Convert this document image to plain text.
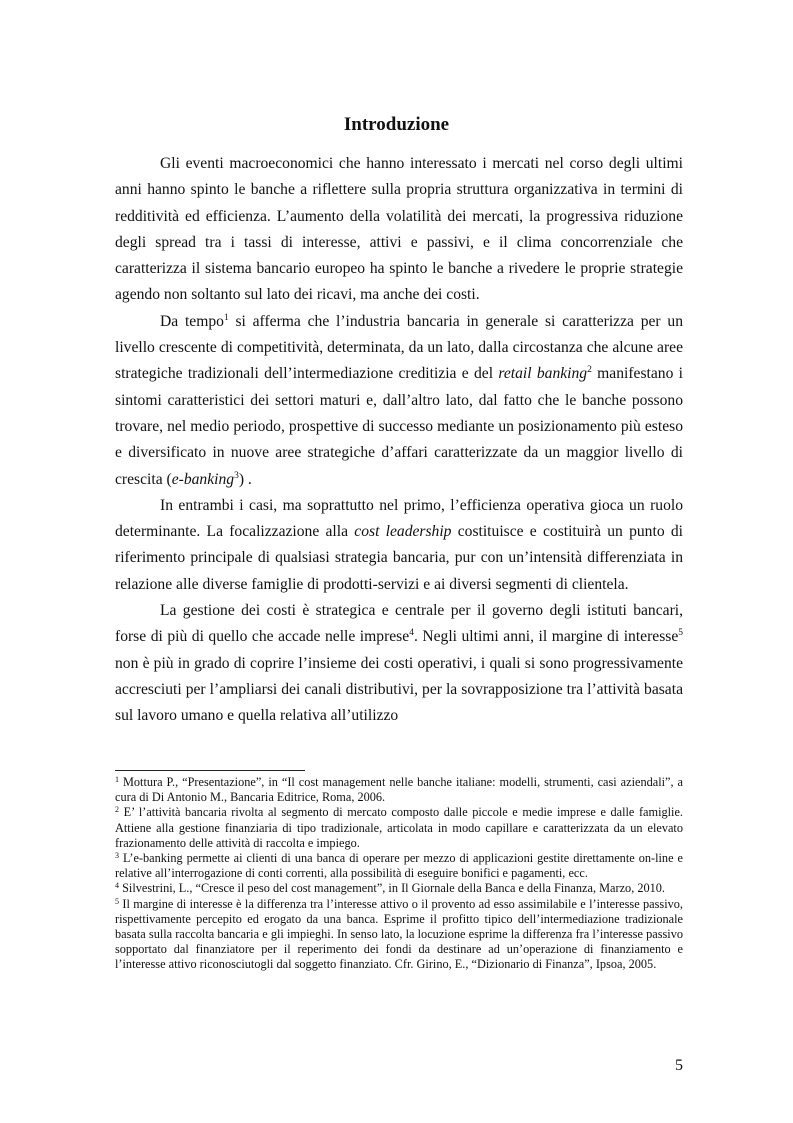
Introduzione

Gli eventi macroeconomici che hanno interessato i mercati nel corso degli ultimi anni hanno spinto le banche a riflettere sulla propria struttura organizzativa in termini di redditività ed efficienza. L’aumento della volatilità dei mercati, la progressiva riduzione degli spread tra i tassi di interesse, attivi e passivi, e il clima concorrenziale che caratterizza il sistema bancario europeo ha spinto le banche a rivedere le proprie strategie agendo non soltanto sul lato dei ricavi, ma anche dei costi.

Da tempo$^1$ si afferma che l’industria bancaria in generale si caratterizza per un livello crescente di competitività, determinata, da un lato, dalla circostanza che alcune aree strategiche tradizionali dell’intermediazione creditizia e del retail banking$^2$ manifestano i sintomi caratteristici dei settori maturi e, dall’altro lato, dal fatto che le banche possono trovare, nel medio periodo, prospettive di successo mediante un posizionamento più esteso e diversificato in nuove aree strategiche d’affari caratterizzate da un maggior livello di crescita (e-banking$^3$) .

In entrambi i casi, ma soprattutto nel primo, l’efficienza operativa gioca un ruolo determinante. La focalizzazione alla cost leadership costituisce e costituirà un punto di riferimento principale di qualsiasi strategia bancaria, pur con un’intensità differenziata in relazione alle diverse famiglie di prodotti-servizi e ai diversi segmenti di clientela.

La gestione dei costi è strategica e centrale per il governo degli istituti bancari, forse di più di quello che accade nelle imprese$^4$. Negli ultimi anni, il margine di interesse$^5$ non è più in grado di coprire l’insieme dei costi operativi, i quali si sono progressivamente accresciuti per l’ampliarsi dei canali distributivi, per la sovrapposizione tra l’attività basata sul lavoro umano e quella relativa all’utilizzo

$^1$ Mottura P., “Presentazione”, in “Il cost management nelle banche italiane: modelli, strumenti, casi aziendali”, a cura di Di Antonio M., Bancaria Editrice, Roma, 2006.

$^2$ E’ l’attività bancaria rivolta al segmento di mercato composto dalle piccole e medie imprese e dalle famiglie. Attiene alla gestione finanziaria di tipo tradizionale, articolata in modo capillare e caratterizzata da un elevato frazionamento delle attività di raccolta e impiego.

$^3$ L’e-banking permette ai clienti di una banca di operare per mezzo di applicazioni gestite direttamente on-line e relative all’interrogazione di conti correnti, alla possibilità di eseguire bonifici e pagamenti, ecc.

$^4$ Silvestrini, L., “Cresce il peso del cost management”, in Il Giornale della Banca e della Finanza, Marzo, 2010.

$^5$ Il margine di interesse è la differenza tra l’interesse attivo o il provento ad esso assimilabile e l’interesse passivo, rispettivamente percepito ed erogato da una banca. Esprime il profitto tipico dell’intermediazione tradizionale basata sulla raccolta bancaria e gli impieghi. In senso lato, la locuzione esprime la differenza fra l’interesse passivo sopportato dal finanziatore per il reperimento dei fondi da destinare ad un’operazione di finanziamento e l’interesse attivo riconosciutogli dal soggetto finanziato. Cfr. Girino, E., “Dizionario di Finanza”, Ipsoa, 2005.

5
